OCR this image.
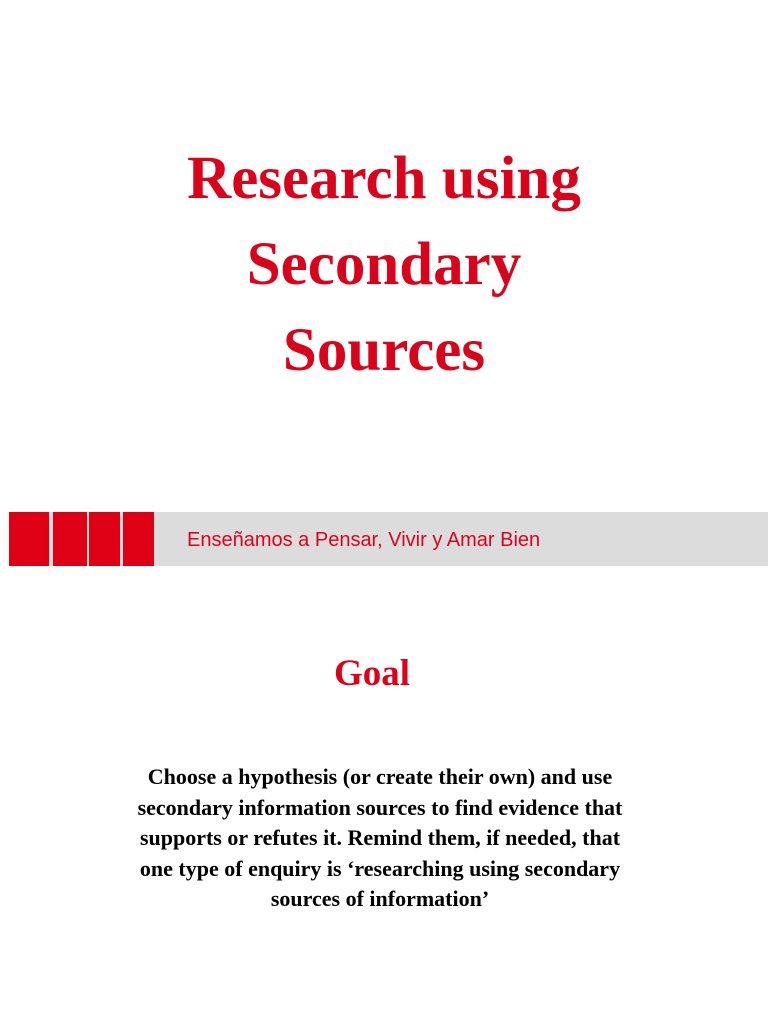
Research using
Secondary
Sources
Enseñamos a Pensar, Vivir y Amar Bien
Goal
Choose a hypothesis (or create their own) and use
secondary information sources to find evidence that
supports or refutes it. Remind them, if needed, that
one type of enquiry is ‘researching using secondary
sources of information’
